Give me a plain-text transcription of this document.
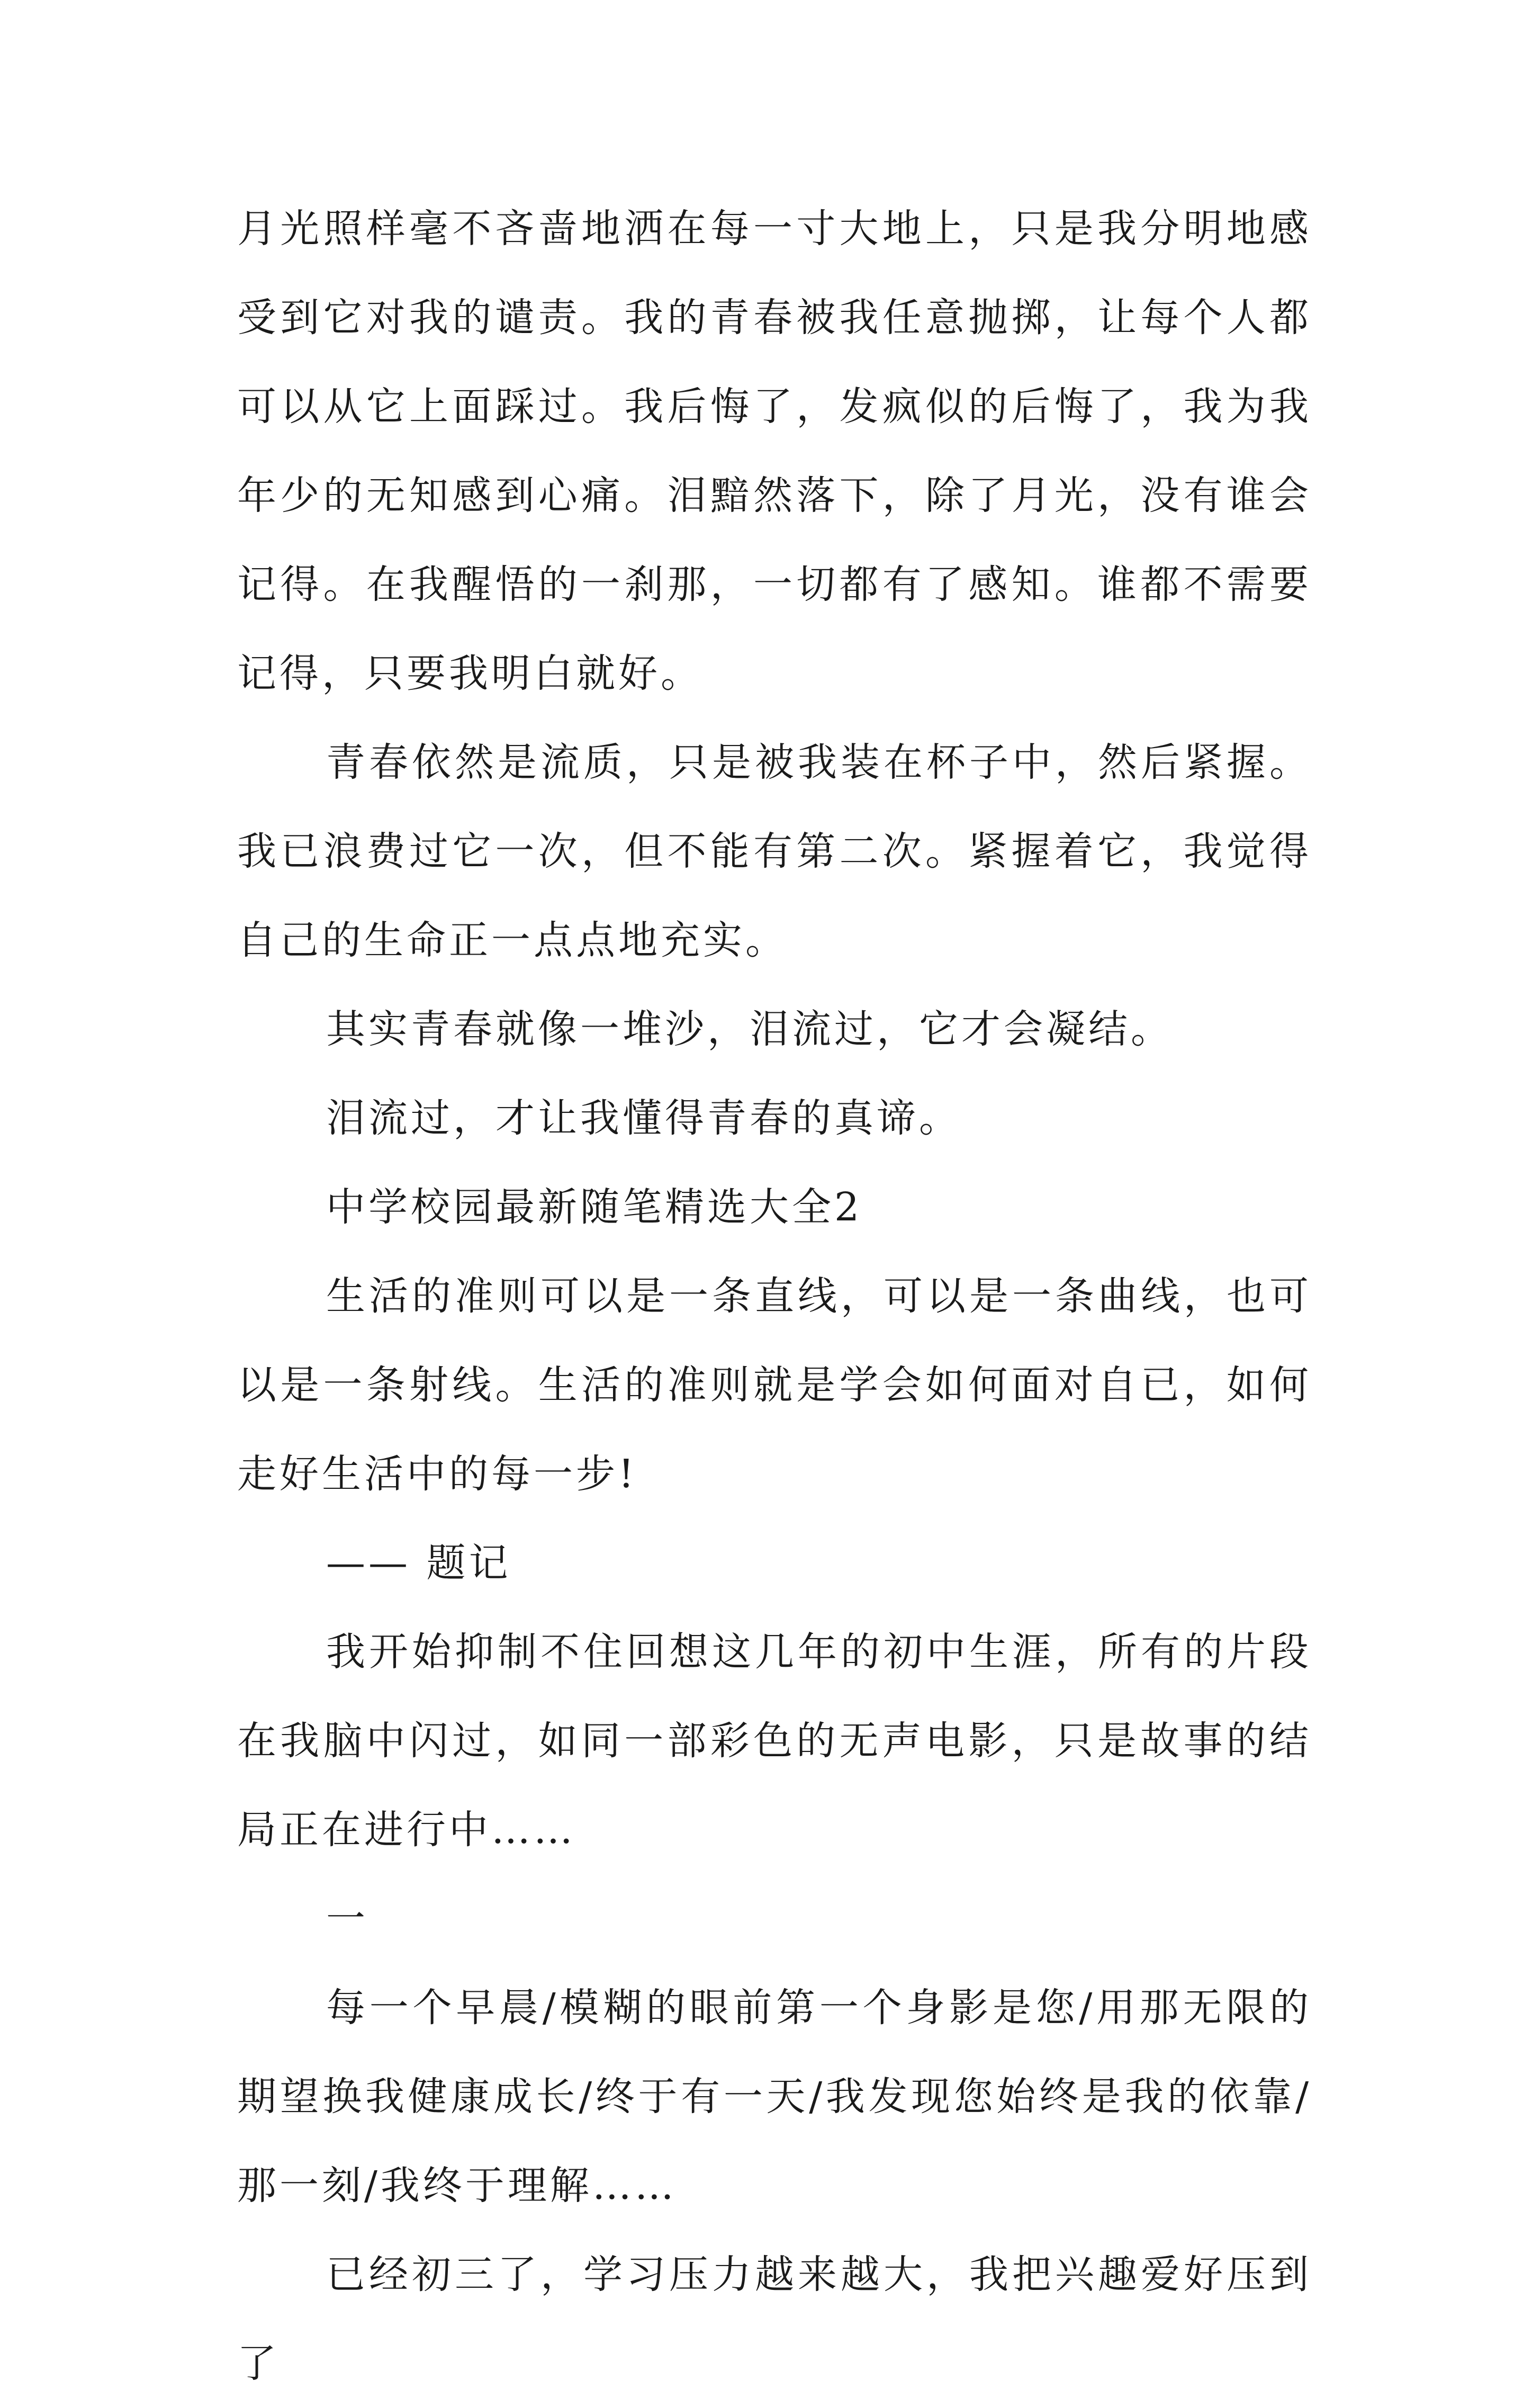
月光照样毫不吝啬地洒在每一寸大地上，只是我分明地感受到它对我的谴责。我的青春被我任意抛掷，让每个人都可以从它上面踩过。我后悔了，发疯似的后悔了，我为我年少的无知感到心痛。泪黯然落下，除了月光，没有谁会记得。在我醒悟的一刹那，一切都有了感知。谁都不需要记得，只要我明白就好。

青春依然是流质，只是被我装在杯子中，然后紧握。我已浪费过它一次，但不能有第二次。紧握着它，我觉得自己的生命正一点点地充实。

其实青春就像一堆沙，泪流过，它才会凝结。

泪流过，才让我懂得青春的真谛。

中学校园最新随笔精选大全2

生活的准则可以是一条直线，可以是一条曲线，也可以是一条射线。生活的准则就是学会如何面对自已，如何走好生活中的每一步!

—— 题记

我开始抑制不住回想这几年的初中生涯，所有的片段在我脑中闪过，如同一部彩色的无声电影，只是故事的结局正在进行中……

一

每一个早晨/模糊的眼前第一个身影是您/用那无限的期望换我健康成长/终于有一天/我发现您始终是我的依靠/那一刻/我终于理解……

已经初三了，学习压力越来越大，我把兴趣爱好压到了
